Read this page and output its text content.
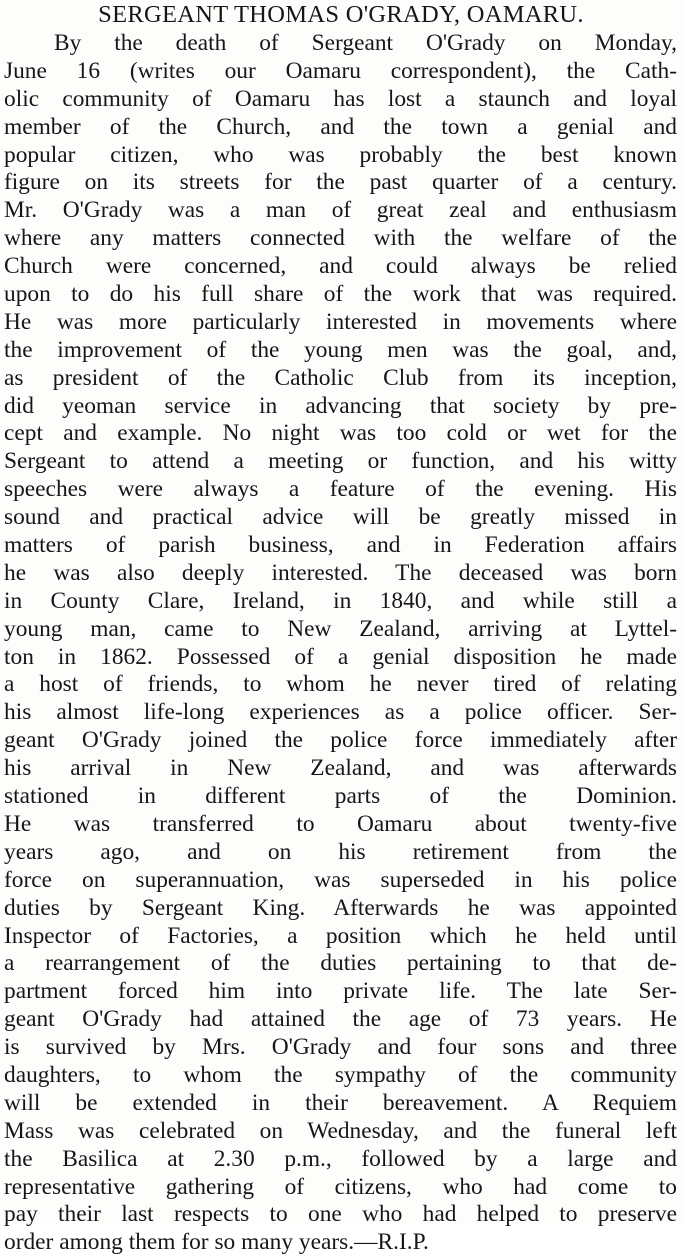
SERGEANT THOMAS O'GRADY, OAMARU.
By the death of Sergeant O'Grady on Monday,
June 16 (writes our Oamaru correspondent), the Cath-
olic community of Oamaru has lost a staunch and loyal
member of the Church, and the town a genial and
popular citizen, who was probably the best known
figure on its streets for the past quarter of a century.
Mr. O'Grady was a man of great zeal and enthusiasm
where any matters connected with the welfare of the
Church were concerned, and could always be relied
upon to do his full share of the work that was required.
He was more particularly interested in movements where
the improvement of the young men was the goal, and,
as president of the Catholic Club from its inception,
did yeoman service in advancing that society by pre-
cept and example. No night was too cold or wet for the
Sergeant to attend a meeting or function, and his witty
speeches were always a feature of the evening. His
sound and practical advice will be greatly missed in
matters of parish business, and in Federation affairs
he was also deeply interested. The deceased was born
in County Clare, Ireland, in 1840, and while still a
young man, came to New Zealand, arriving at Lyttel-
ton in 1862. Possessed of a genial disposition he made
a host of friends, to whom he never tired of relating
his almost life-long experiences as a police officer. Ser-
geant O'Grady joined the police force immediately after
his arrival in New Zealand, and was afterwards
stationed in different parts of the Dominion.
He was transferred to Oamaru about twenty-five
years ago, and on his retirement from the
force on superannuation, was superseded in his police
duties by Sergeant King. Afterwards he was appointed
Inspector of Factories, a position which he held until
a rearrangement of the duties pertaining to that de-
partment forced him into private life. The late Ser-
geant O'Grady had attained the age of 73 years. He
is survived by Mrs. O'Grady and four sons and three
daughters, to whom the sympathy of the community
will be extended in their bereavement. A Requiem
Mass was celebrated on Wednesday, and the funeral left
the Basilica at 2.30 p.m., followed by a large and
representative gathering of citizens, who had come to
pay their last respects to one who had helped to preserve
order among them for so many years.—R.I.P.
